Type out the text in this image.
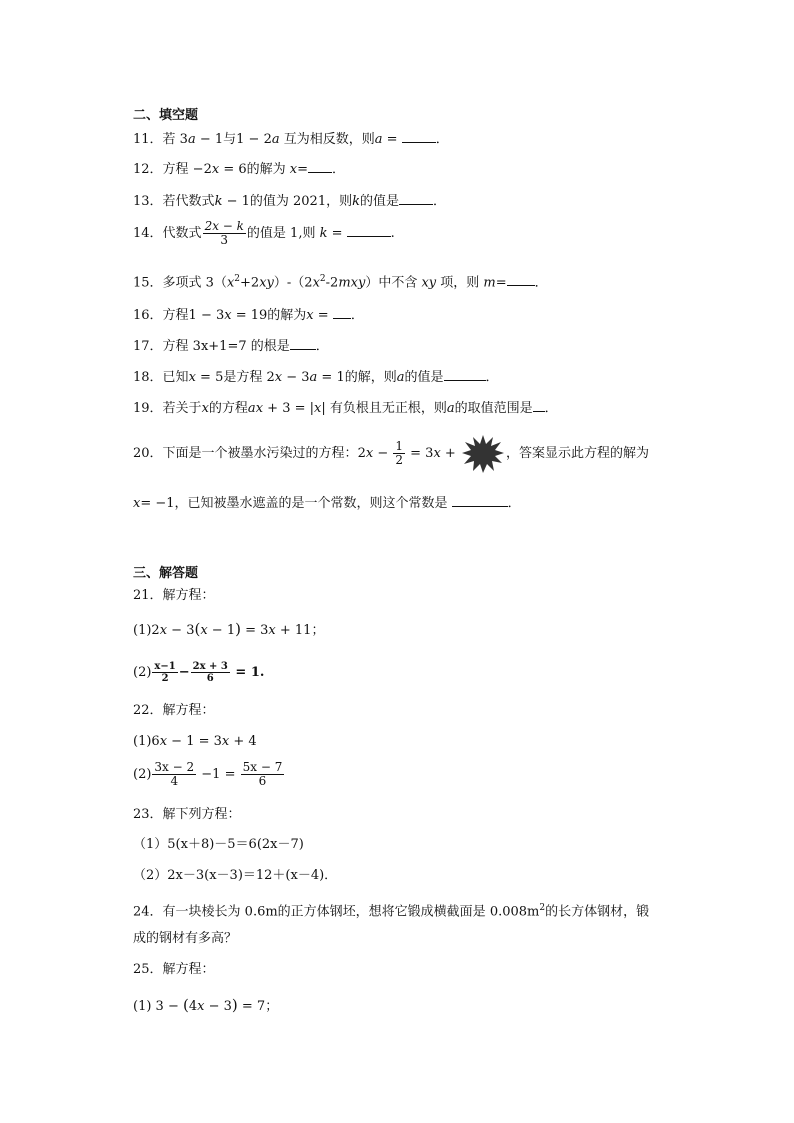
二、填空题
11．若 3a − 1与1 − 2a 互为相反数，则a =	．
12．方程 −2x = 6的解为 x= ．
13．若代数式k − 1的值为 2021，则k的值是	．
14．代数式 $\frac{2x - k}{3}$ 的值是 1,则 k =	.
15．多项式 $3(x^2+2xy)-(2x^2-2mxy)$中不含 xy 项，则 m= ．
16．方程1 − 3x = 19的解为x = ．
17．方程 3x+1=7 的根是 ．
18．已知x = 5是方程 2x − 3a = 1的解，则a的值是	．
19．若关于x的方程ax + 3 = |x| 有负根且无正根，则a的取值范围是 ．
20．下面是一个被墨水污染过的方程：$2x - \frac{1}{2} = 3x$ +	，答案显示此方程的解为
x= −1，已知被墨水遮盖的是一个常数，则这个常数是	．
三、解答题
21．解方程：
(1)2x − 3(x − 1) = 3x + 11；
$(2) \frac{x-1}{2} - \frac{2x + 3}{6}$ = 𝟏.
22．解方程：
(1)6x − 1 = 3x + 4
$(2) \frac{3x - 2}{4} -1 = \frac{5x - 7}{6}$
23．解下列方程：
（1）5(x＋8)－5＝6(2x－7)
（2）2x－3(x－3)＝12＋(x－4)．
24．有一块棱长为 0.6m的正方体钢坯，想将它锻成横截面是 $0.008m^2$的长方体钢材，锻
成的钢材有多高？
25．解方程：
(1) 3 − (4x − 3) = 7；
